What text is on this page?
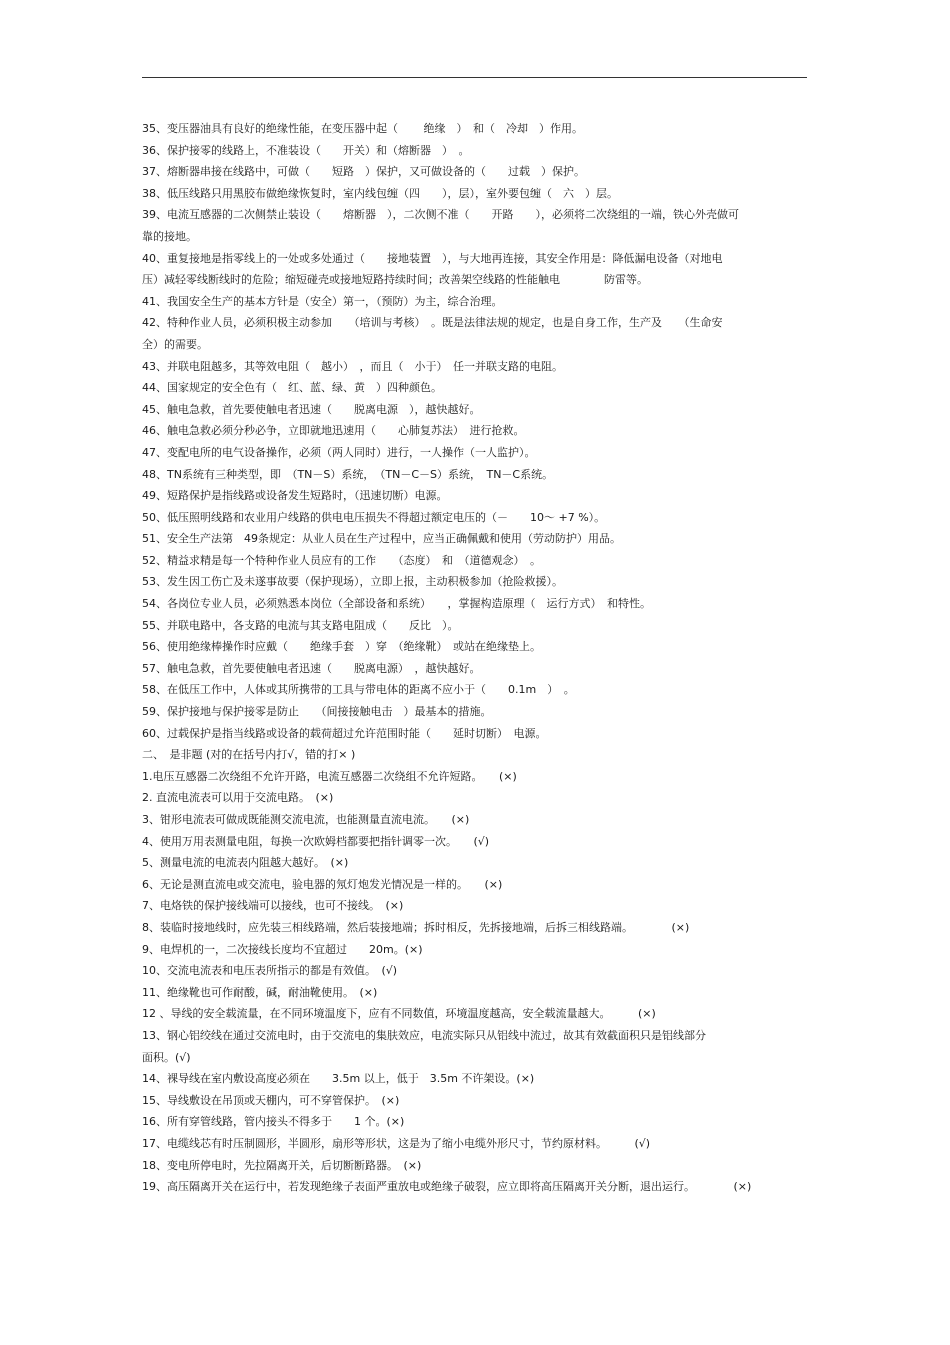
35、变压器油具有良好的绝缘性能，在变压器中起（ 　　绝缘　）　和（　冷却　）作用。
36、保护接零的线路上，不准装设（　　开关）和（熔断器　）　。
37、熔断器串接在线路中，可做（　　短路　）保护，又可做设备的（　　过载　）保护。
38、低压线路只用黑胶布做绝缘恢复时，室内线包缠（四　　），层），室外要包缠（　六　）层。
39、电流互感器的二次侧禁止装设（　　熔断器　），二次侧不准（　　开路　　），必须将二次绕组的一端，铁心外壳做可
靠的接地。
40、重复接地是指零线上的一处或多处通过（　　接地装置　），与大地再连接，其安全作用是：降低漏电设备（对地电
压）减轻零线断线时的危险；缩短碰壳或接地短路持续时间；改善架空线路的性能触电　　　　防雷等。
41、我国安全生产的基本方针是（安全）第一，（预防）为主，综合治理。
42、特种作业人员，必须积极主动参加　　（培训与考核）　。既是法律法规的规定，也是自身工作，生产及　　（生命安
全）的需要。
43、并联电阻越多，其等效电阻（　越小）　，而且（　小于）　任一并联支路的电阻。
44、国家规定的安全色有（　红、蓝、绿、黄　）四种颜色。
45、触电急救，首先要使触电者迅速（　　脱离电源　），越快越好。
46、触电急救必须分秒必争，立即就地迅速用（　　心肺复苏法）　进行抢救。
47、变配电所的电气设备操作，必须（两人同时）进行，一人操作（一人监护）。
48、TN系统有三种类型，即　（TN－S）系统，　（TN－C－S）系统，　TN－C系统。
49、短路保护是指线路或设备发生短路时，（迅速切断）电源。
50、低压照明线路和农业用户线路的供电电压损失不得超过额定电压的（－　　10～ +7 %）。
51、安全生产法第　49条规定：从业人员在生产过程中，应当正确佩戴和使用（劳动防护）用品。
52、精益求精是每一个特种作业人员应有的工作　　（态度）　和　（道德观念）　。
53、发生因工伤亡及未遂事故要（保护现场），立即上报，主动积极参加（抢险救援）。
54、各岗位专业人员，必须熟悉本岗位（全部设备和系统）　　，掌握构造原理（　运行方式）　和特性。
55、并联电路中，各支路的电流与其支路电阻成（　　反比　）。
56、使用绝缘棒操作时应戴（　　绝缘手套　）穿　（绝缘靴）　或站在绝缘垫上。
57、触电急救，首先要使触电者迅速（　　脱离电源）　，越快越好。
58、在低压工作中，人体或其所携带的工具与带电体的距离不应小于（　　0.1m　）　。
59、保护接地与保护接零是防止　　（间接接触电击　）最基本的措施。
60、过载保护是指当线路或设备的载荷超过允许范围时能（　　延时切断）　电源。
二、　是非题 (对的在括号内打√，错的打× )
1.电压互感器二次绕组不允许开路，电流互感器二次绕组不允许短路。　　(×)
2. 直流电流表可以用于交流电路。　(×)
3、钳形电流表可做成既能测交流电流，也能测量直流电流。　　(×)
4、使用万用表测量电阻，每换一次欧姆档都要把指针调零一次。　　(√)
5、测量电流的电流表内阻越大越好。　(×)
6、无论是测直流电或交流电，验电器的氖灯炮发光情况是一样的。　　(×)
7、电烙铁的保护接线端可以接线，也可不接线。　(×)
8、装临时接地线时，应先装三相线路端，然后装接地端；拆时相反，先拆接地端，后拆三相线路端。　　　　(×)
9、电焊机的一，二次接线长度均不宜超过　　20m。(×)
10、交流电流表和电压表所指示的都是有效值。　(√)
11、绝缘靴也可作耐酸，碱，耐油靴使用。　(×)
12 、导线的安全载流量，在不同环境温度下，应有不同数值，环境温度越高，安全载流量越大。　　　(×)
13、钢心铝绞线在通过交流电时，由于交流电的集肤效应，电流实际只从铝线中流过，故其有效截面积只是铝线部分
面积。(√)
14、裸导线在室内敷设高度必须在　　3.5m 以上，低于　3.5m 不许架设。(×)
15、导线敷设在吊顶或天棚内，可不穿管保护。　(×)
16、所有穿管线路，管内接头不得多于　　1 个。(×)
17、电缆线芯有时压制圆形，半圆形，扇形等形状，这是为了缩小电缆外形尺寸，节约原材料。　　　(√)
18、变电所停电时，先拉隔离开关，后切断断路器。　(×)
19、高压隔离开关在运行中，若发现绝缘子表面严重放电或绝缘子破裂，应立即将高压隔离开关分断，退出运行。　　　　(×)
